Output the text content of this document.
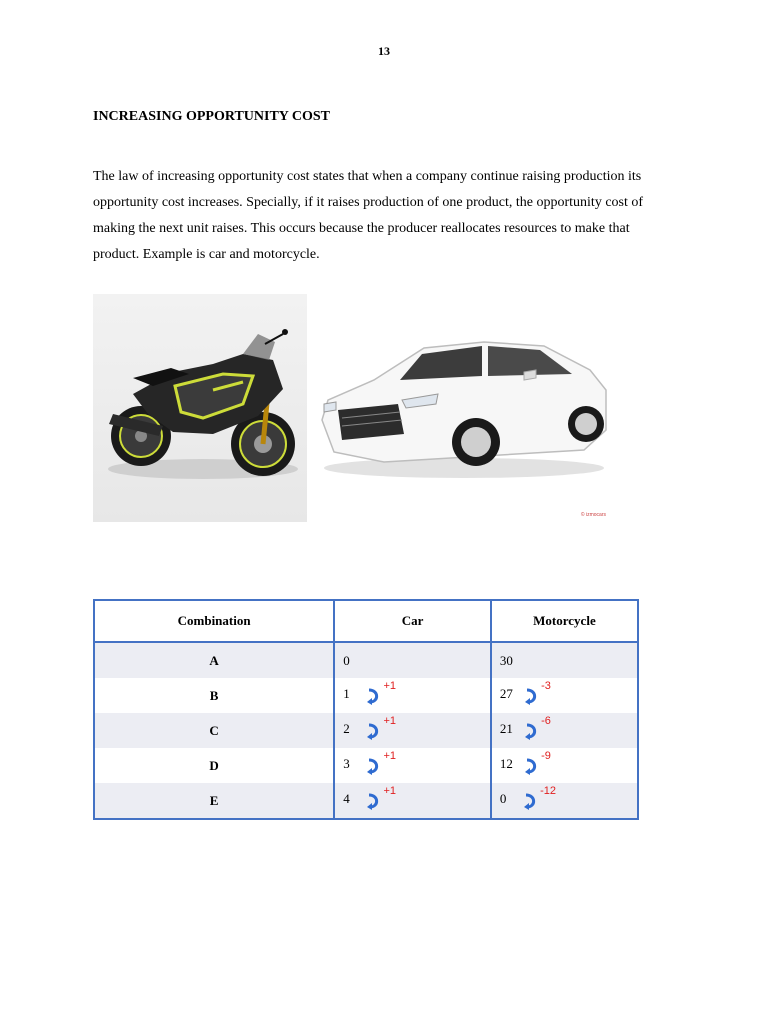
13
INCREASING OPPORTUNITY COST

The law of increasing opportunity cost states that when a company continue raising production its opportunity cost increases. Specially, if it raises production of one product, the opportunity cost of making the next unit raises. This occurs because the producer reallocates resources to make that product. Example is car and motorcycle.

© izmocars
Combination	Car	Motorcycle
A	0	30
B	1 +1	27 -3
C	2 +1	21 -6
D	3 +1	12 -9
E	4 +1	0 -12
